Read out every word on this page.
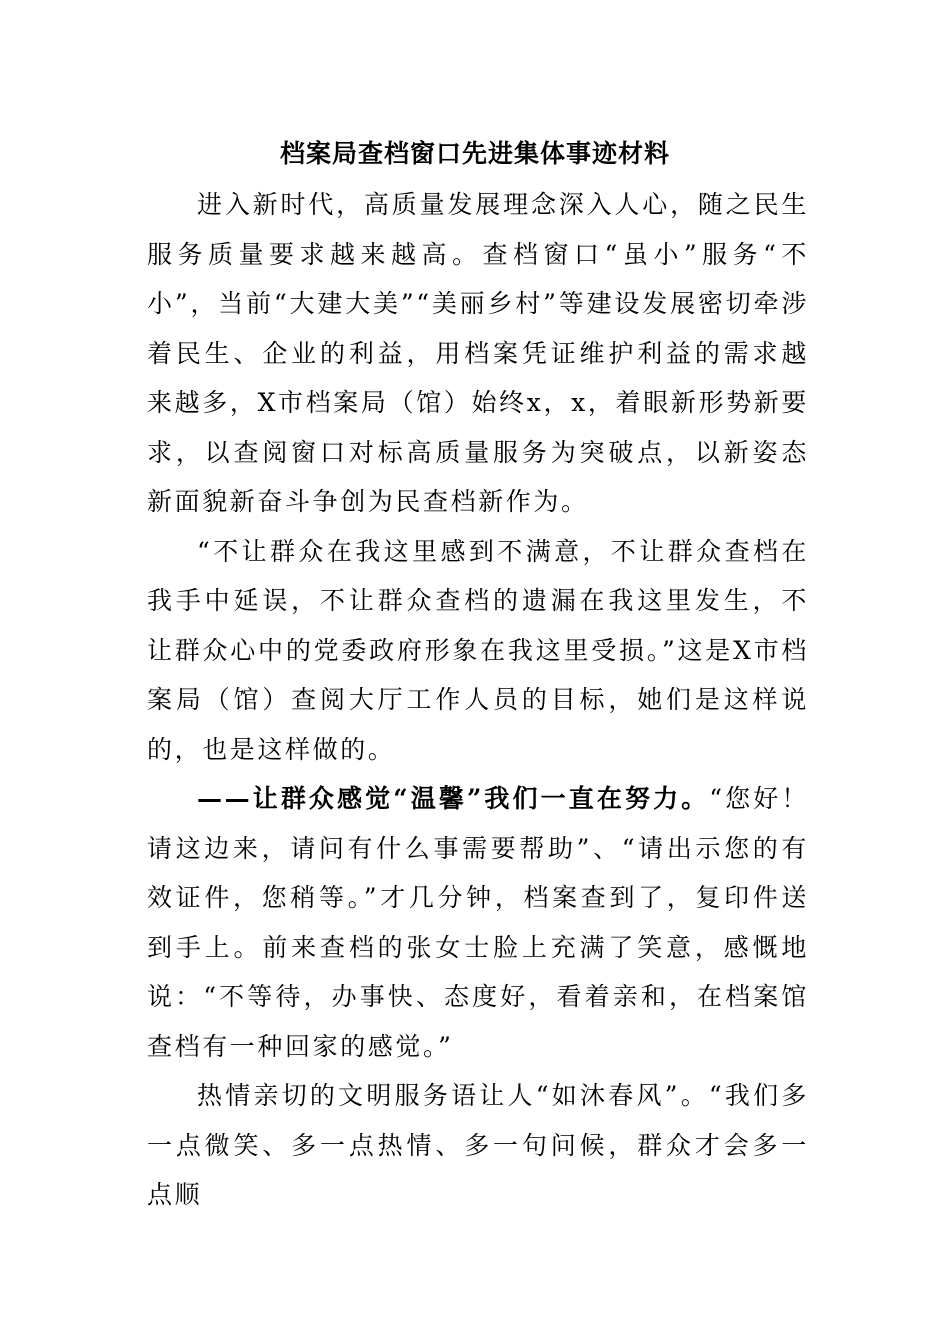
档案局查档窗口先进集体事迹材料

进入新时代，高质量发展理念深入人心，随之民生服务质量要求越来越高。查档窗口“虽小”服务“不小”，当前“大建大美”“美丽乡村”等建设发展密切牵涉着民生、企业的利益，用档案凭证维护利益的需求越来越多，X市档案局（馆）始终x，x，着眼新形势新要求，以查阅窗口对标高质量服务为突破点，以新姿态新面貌新奋斗争创为民查档新作为。

“不让群众在我这里感到不满意，不让群众查档在我手中延误，不让群众查档的遗漏在我这里发生，不让群众心中的党委政府形象在我这里受损。”这是X市档案局（馆）查阅大厅工作人员的目标，她们是这样说的，也是这样做的。

——让群众感觉“温馨”我们一直在努力。“您好！请这边来，请问有什么事需要帮助”、“请出示您的有效证件，您稍等。”才几分钟，档案查到了，复印件送到手上。前来查档的张女士脸上充满了笑意，感慨地说：“不等待，办事快、态度好，看着亲和，在档案馆查档有一种回家的感觉。”

热情亲切的文明服务语让人“如沐春风”。“我们多一点微笑、多一点热情、多一句问候，群众才会多一点顺
